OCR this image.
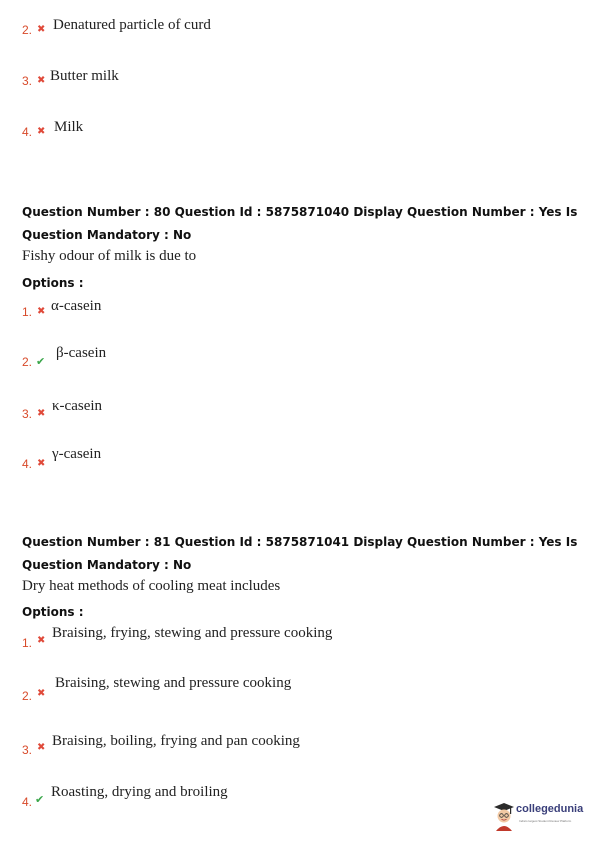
2. ✖ Denatured particle of curd
3. ✖ Butter milk
4. ✖ Milk
Question Number : 80 Question Id : 5875871040 Display Question Number : Yes Is Question Mandatory : No
Fishy odour of milk is due to
Options :
1. ✖ α-casein
2. ✔
β-casein
3. ✖ κ-casein
4. ✖
γ-casein
Question Number : 81 Question Id : 5875871041 Display Question Number : Yes Is Question Mandatory : No
Dry heat methods of cooling meat includes
Options :
1. ✖ Braising, frying, stewing and pressure cooking
2. ✖
Braising, stewing and pressure cooking
3. ✖ Braising, boiling, frying and pan cooking
4. ✔ Roasting, drying and broiling
collegedunia
India's largest Student Review Platform
